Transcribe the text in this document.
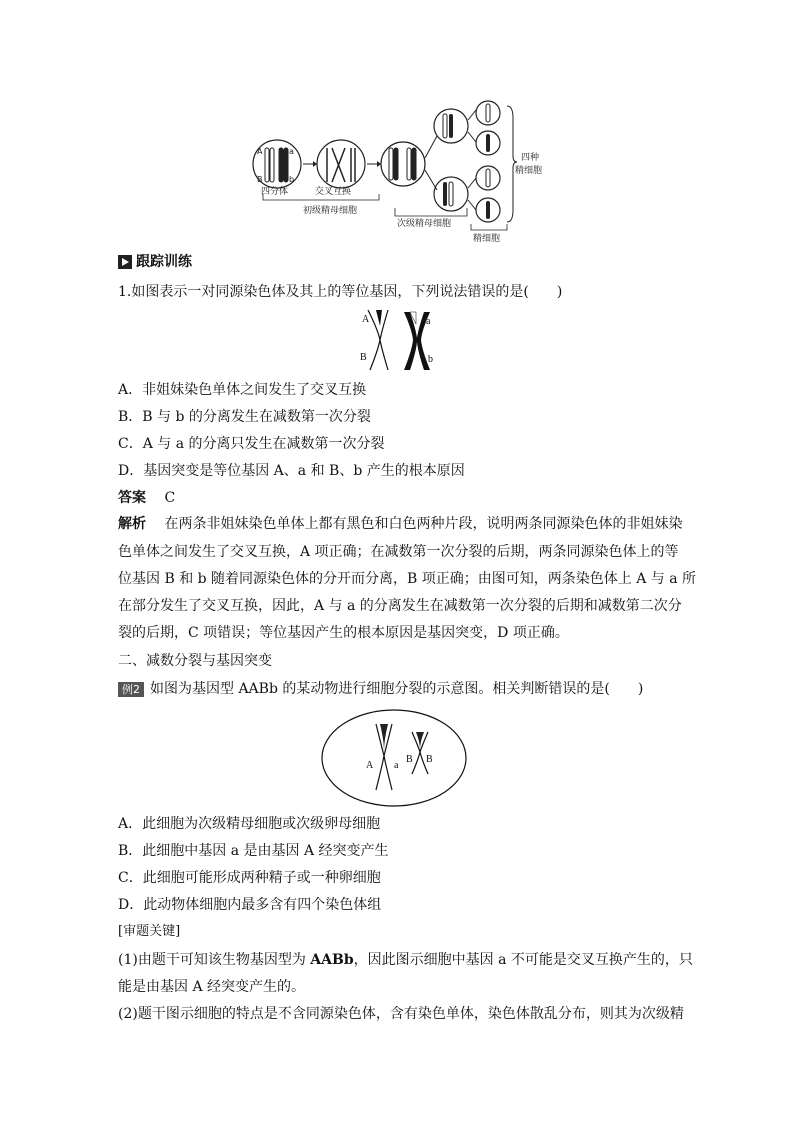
A	a
B	b
四分体	交叉互换
初级精母细胞
次级精母细胞
精细胞
四种
精细胞
跟踪训练
1.如图表示一对同源染色体及其上的等位基因，下列说法错误的是(　　)
A	a
B	b
A．非姐妹染色单体之间发生了交叉互换
B．B 与 b 的分离发生在减数第一次分裂
C．A 与 a 的分离只发生在减数第一次分裂
D．基因突变是等位基因 A、a 和 B、b 产生的根本原因
答案　 C
解析　 在两条非姐妹染色单体上都有黑色和白色两种片段，说明两条同源染色体的非姐妹染
色单体之间发生了交叉互换，A 项正确；在减数第一次分裂的后期，两条同源染色体上的等
位基因 B 和 b 随着同源染色体的分开而分离，B 项正确；由图可知，两条染色体上 A 与 a 所
在部分发生了交叉互换，因此，A 与 a 的分离发生在减数第一次分裂的后期和减数第二次分
裂的后期，C 项错误；等位基因产生的根本原因是基因突变，D 项正确。
二、减数分裂与基因突变
例2 如图为基因型 AABb 的某动物进行细胞分裂的示意图。相关判断错误的是(　　)
A a
B B
A．此细胞为次级精母细胞或次级卵母细胞
B．此细胞中基因 a 是由基因 A 经突变产生
C．此细胞可能形成两种精子或一种卵细胞
D．此动物体细胞内最多含有四个染色体组
[审题关键]
(1)由题干可知该生物基因型为 AABb，因此图示细胞中基因 a 不可能是交叉互换产生的，只
能是由基因 A 经突变产生的。
(2)题干图示细胞的特点是不含同源染色体，含有染色单体，染色体散乱分布，则其为次级精
